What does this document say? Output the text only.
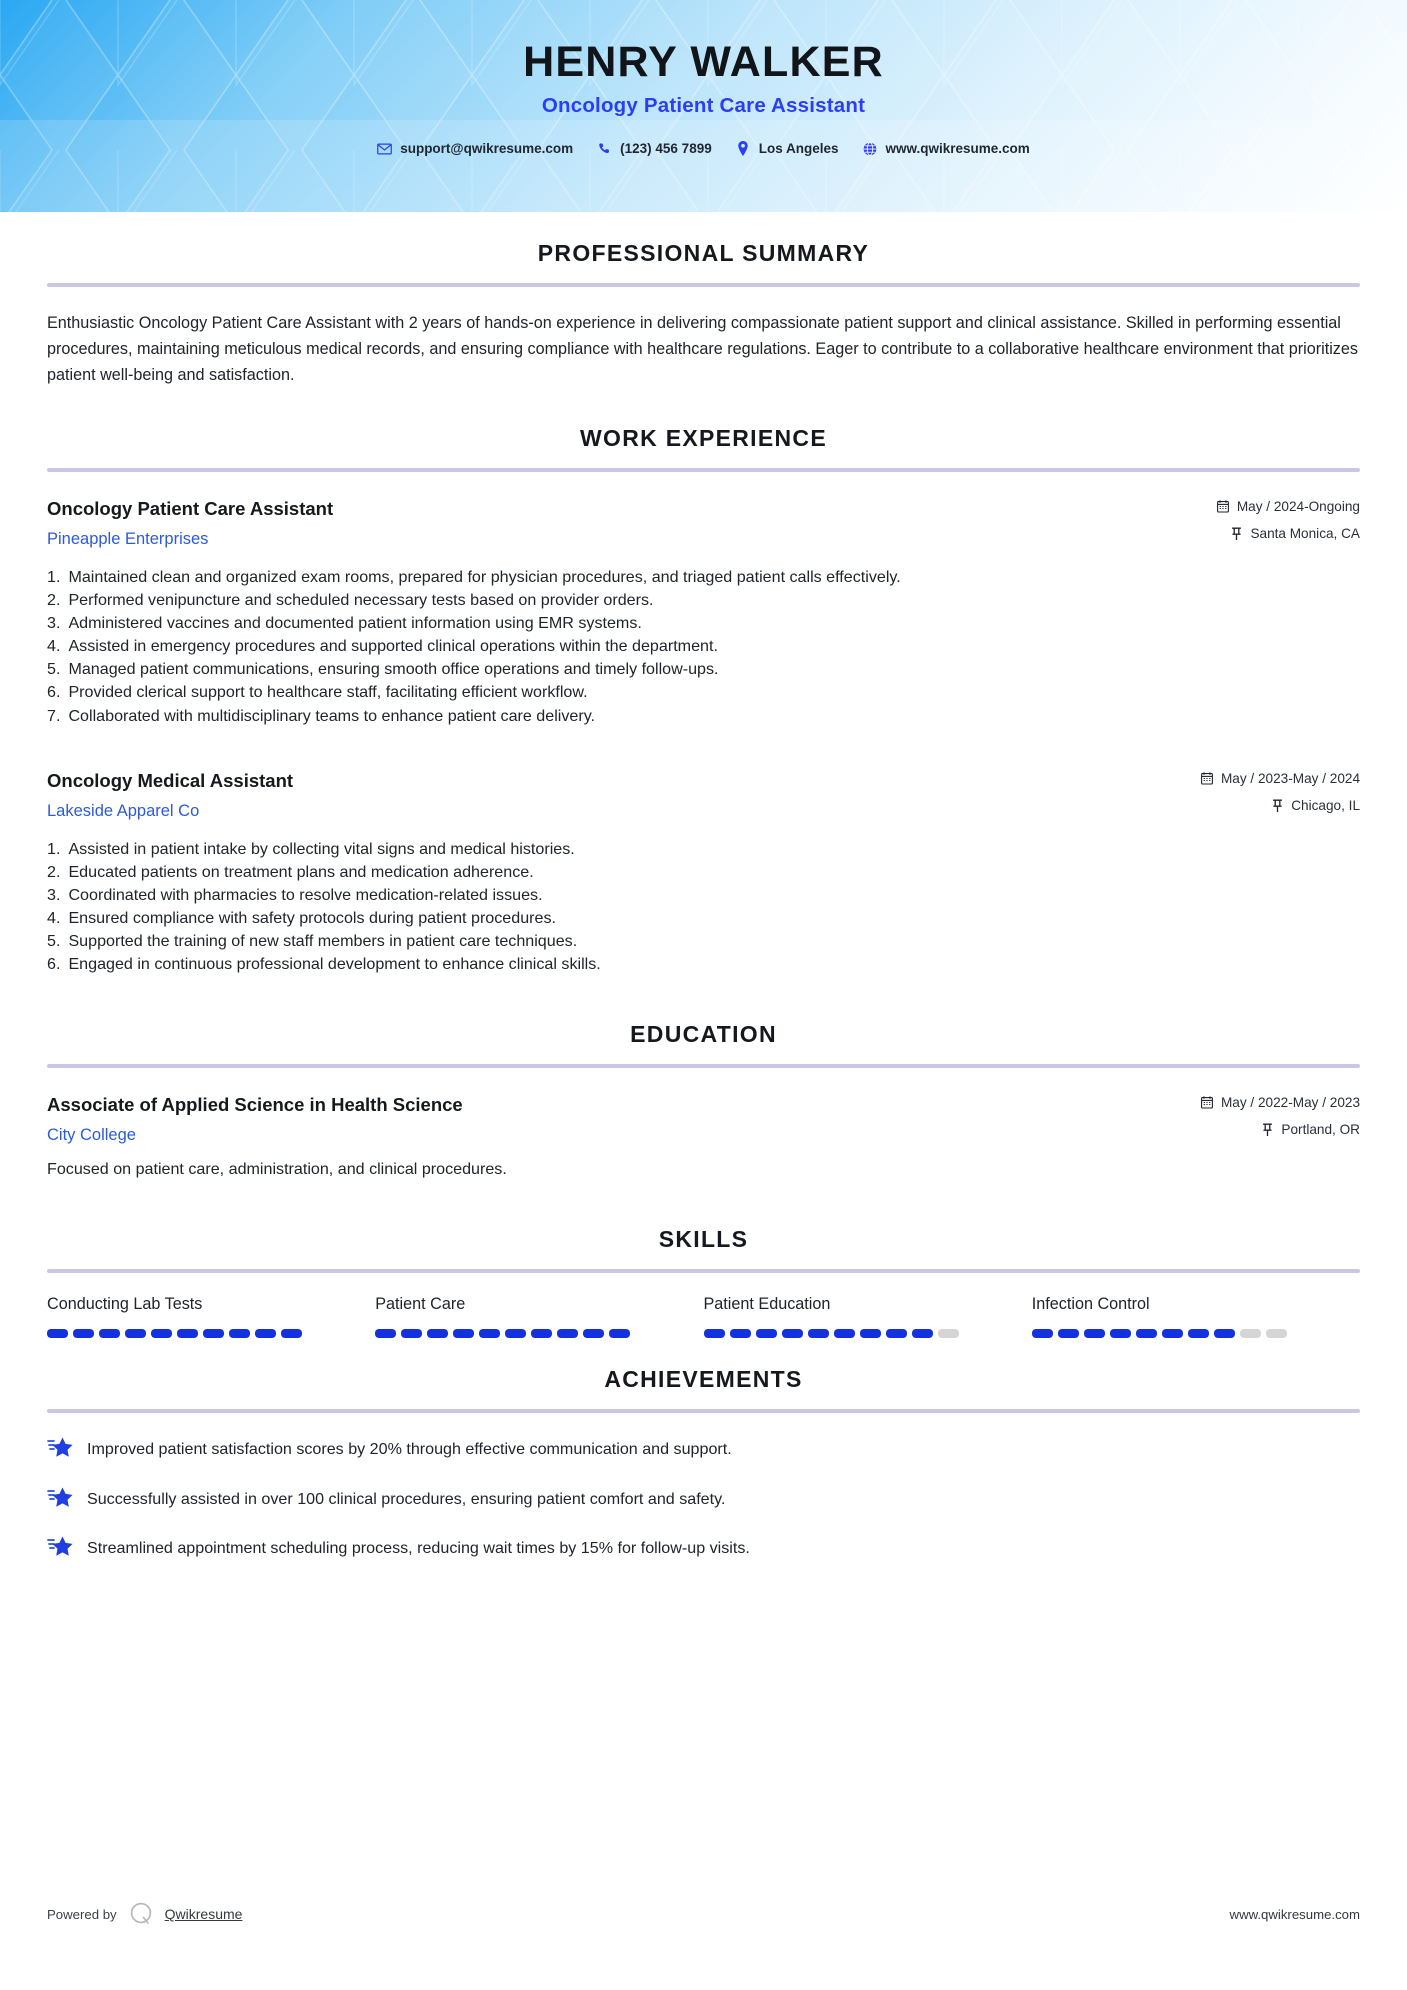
HENRY WALKER
Oncology Patient Care Assistant
support@qwikresume.com	(123) 456 7899	Los Angeles	www.qwikresume.com
PROFESSIONAL SUMMARY
Enthusiastic Oncology Patient Care Assistant with 2 years of hands-on experience in delivering compassionate patient support and clinical assistance. Skilled in performing essential procedures, maintaining meticulous medical records, and ensuring compliance with healthcare regulations. Eager to contribute to a collaborative healthcare environment that prioritizes patient well-being and satisfaction.
WORK EXPERIENCE
Oncology Patient Care Assistant
Pineapple Enterprises
May / 2024-Ongoing
Santa Monica, CA
1. Maintained clean and organized exam rooms, prepared for physician procedures, and triaged patient calls effectively.
2. Performed venipuncture and scheduled necessary tests based on provider orders.
3. Administered vaccines and documented patient information using EMR systems.
4. Assisted in emergency procedures and supported clinical operations within the department.
5. Managed patient communications, ensuring smooth office operations and timely follow-ups.
6. Provided clerical support to healthcare staff, facilitating efficient workflow.
7. Collaborated with multidisciplinary teams to enhance patient care delivery.
Oncology Medical Assistant
Lakeside Apparel Co
May / 2023-May / 2024
Chicago, IL
1. Assisted in patient intake by collecting vital signs and medical histories.
2. Educated patients on treatment plans and medication adherence.
3. Coordinated with pharmacies to resolve medication-related issues.
4. Ensured compliance with safety protocols during patient procedures.
5. Supported the training of new staff members in patient care techniques.
6. Engaged in continuous professional development to enhance clinical skills.
EDUCATION
Associate of Applied Science in Health Science
City College
May / 2022-May / 2023
Portland, OR
Focused on patient care, administration, and clinical procedures.
SKILLS
Conducting Lab Tests	Patient Care	Patient Education	Infection Control
ACHIEVEMENTS
Improved patient satisfaction scores by 20% through effective communication and support.
Successfully assisted in over 100 clinical procedures, ensuring patient comfort and safety.
Streamlined appointment scheduling process, reducing wait times by 15% for follow-up visits.
Powered by	Qwikresume	www.qwikresume.com
